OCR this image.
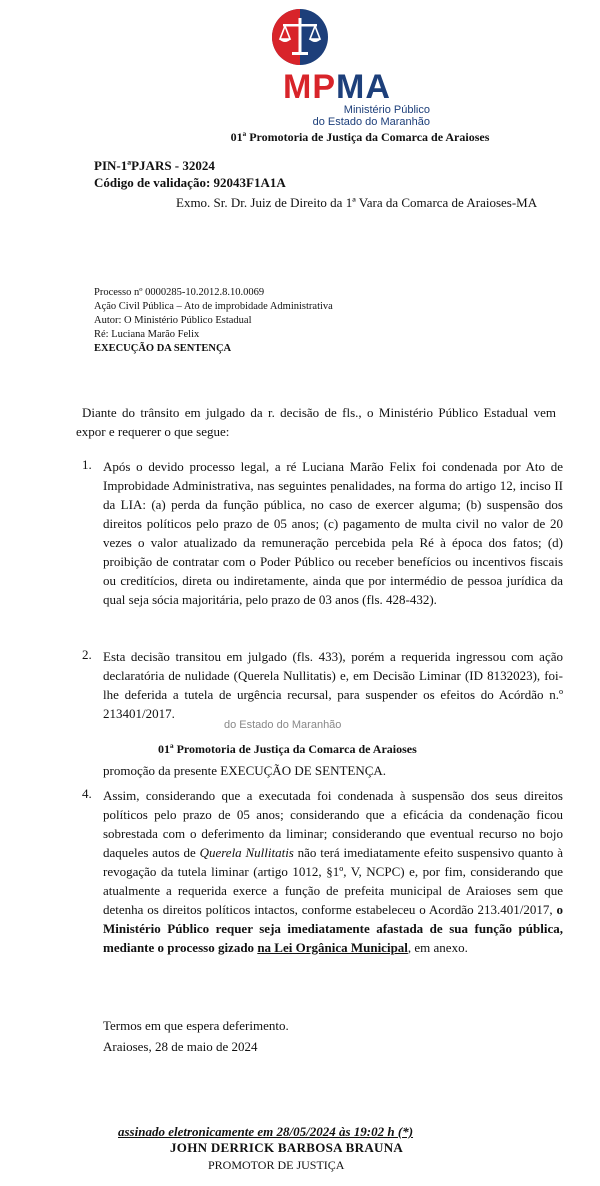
MPMA
Ministério Público
do Estado do Maranhão
01ª Promotoria de Justiça da Comarca de Araioses
PIN-1ªPJARS - 32024
Código de validação: 92043F1A1A
Exmo. Sr. Dr. Juiz de Direito da 1ª Vara da Comarca de Araioses-MA
Processo nº 0000285-10.2012.8.10.0069
Ação Civil Pública – Ato de improbidade Administrativa
Autor: O Ministério Público Estadual
Ré: Luciana Marão Felix
EXECUÇÃO DA SENTENÇA
Diante do trânsito em julgado da r. decisão de fls., o Ministério Público Estadual vem expor e requerer o que segue:
1. Após o devido processo legal, a ré Luciana Marão Felix foi condenada por Ato de Improbidade Administrativa, nas seguintes penalidades, na forma do artigo 12, inciso II da LIA: (a) perda da função pública, no caso de exercer alguma; (b) suspensão dos direitos políticos pelo prazo de 05 anos; (c) pagamento de multa civil no valor de 20 vezes o valor atualizado da remuneração percebida pela Ré à época dos fatos; (d) proibição de contratar com o Poder Público ou receber benefícios ou incentivos fiscais ou creditícios, direta ou indiretamente, ainda que por intermédio de pessoa jurídica da qual seja sócia majoritária, pelo prazo de 03 anos (fls. 428-432).
2. Esta decisão transitou em julgado (fls. 433), porém a requerida ingressou com ação declaratória de nulidade (Querela Nullitatis) e, em Decisão Liminar (ID 8132023), foi-lhe deferida a tutela de urgência recursal, para suspender os efeitos do Acórdão n.º 213401/2017.
do Estado do Maranhão
01ª Promotoria de Justiça da Comarca de Araioses
promoção da presente EXECUÇÃO DE SENTENÇA.
4. Assim, considerando que a executada foi condenada à suspensão dos seus direitos políticos pelo prazo de 05 anos; considerando que a eficácia da condenação ficou sobrestada com o deferimento da liminar; considerando que eventual recurso no bojo daqueles autos de Querela Nullitatis não terá imediatamente efeito suspensivo quanto à revogação da tutela liminar (artigo 1012, §1º, V, NCPC) e, por fim, considerando que atualmente a requerida exerce a função de prefeita municipal de Araioses sem que detenha os direitos políticos intactos, conforme estabeleceu o Acordão 213.401/2017, o Ministério Público requer seja imediatamente afastada de sua função pública, mediante o processo gizado na Lei Orgânica Municipal, em anexo.
Termos em que espera deferimento.
Araioses, 28 de maio de 2024
assinado eletronicamente em 28/05/2024 às 19:02 h (*)
JOHN DERRICK BARBOSA BRAUNA
PROMOTOR DE JUSTIÇA
